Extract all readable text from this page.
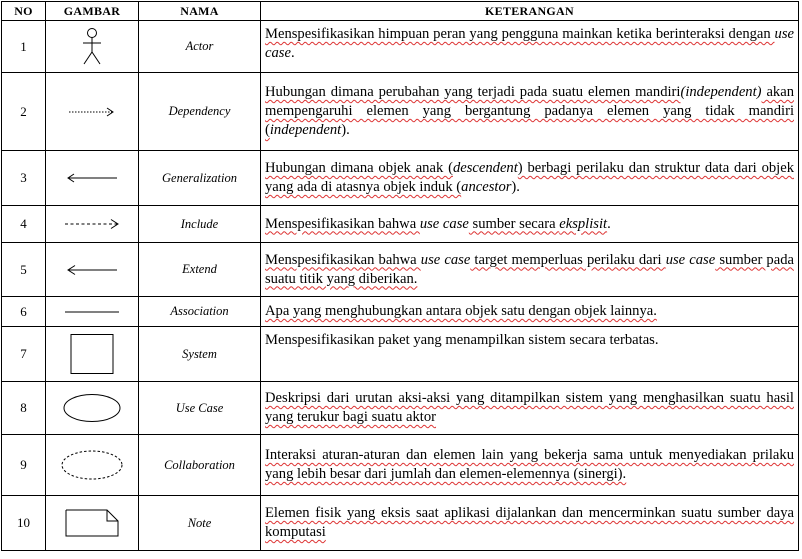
NO	GAMBAR	NAMA	KETERANGAN
1		Actor	Menspesifikasikan himpuan peran yang pengguna mainkan ketika berinteraksi dengan use case.
2		Dependency	Hubungan dimana perubahan yang terjadi pada suatu elemen mandiri(independent) akan mempengaruhi elemen yang bergantung padanya elemen yang tidak mandiri (independent).
3		Generalization	Hubungan dimana objek anak (descendent) berbagi perilaku dan struktur data dari objek yang ada di atasnya objek induk (ancestor).
4		Include	Menspesifikasikan bahwa use case sumber secara eksplisit.
5		Extend	Menspesifikasikan bahwa use case target memperluas perilaku dari use case sumber pada suatu titik yang diberikan.
6		Association	Apa yang menghubungkan antara objek satu dengan objek lainnya.
7		System	Menspesifikasikan paket yang menampilkan sistem secara terbatas.
8		Use Case	Deskripsi dari urutan aksi-aksi yang ditampilkan sistem yang menghasilkan suatu hasil yang terukur bagi suatu aktor
9		Collaboration	Interaksi aturan-aturan dan elemen lain yang bekerja sama untuk menyediakan prilaku yang lebih besar dari jumlah dan elemen-elemennya (sinergi).
10		Note	Elemen fisik yang eksis saat aplikasi dijalankan dan mencerminkan suatu sumber daya komputasi
